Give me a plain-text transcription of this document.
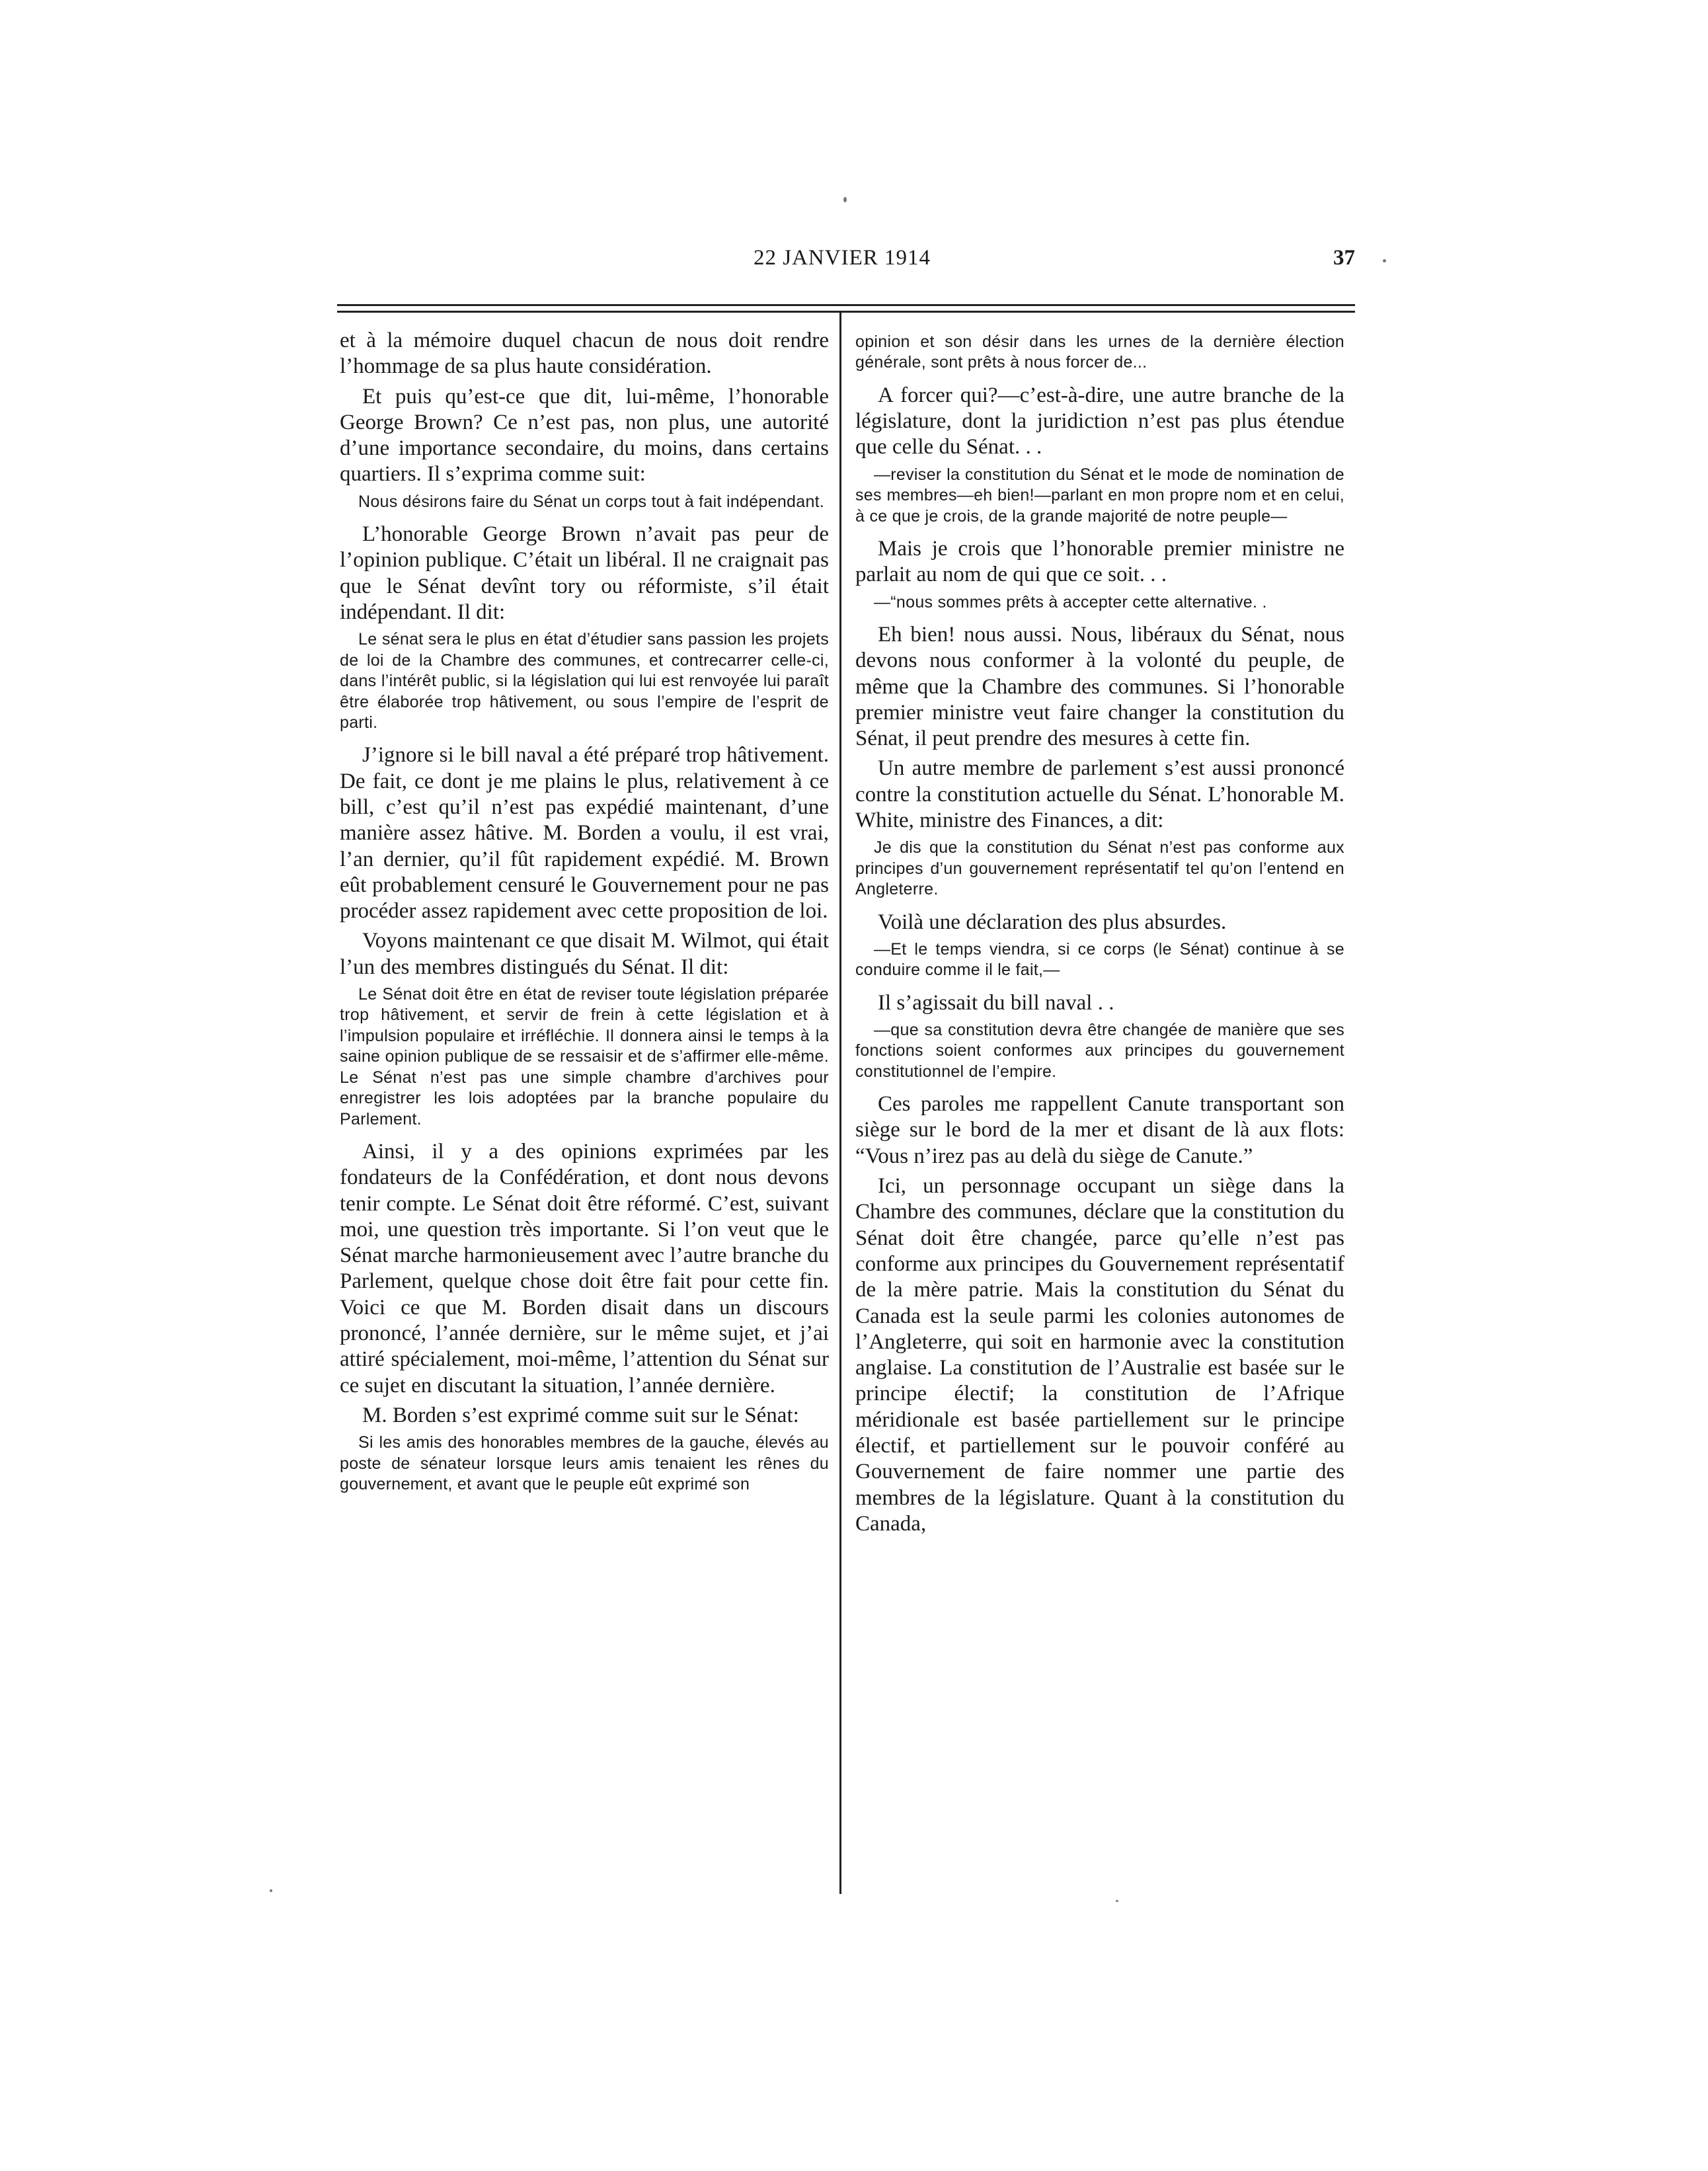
22 JANVIER 1914	37

et à la mémoire duquel chacun de nous doit rendre l’hommage de sa plus haute considération.

Et puis qu’est-ce que dit, lui-même, l’honorable George Brown? Ce n’est pas, non plus, une autorité d’une importance secondaire, du moins, dans certains quartiers. Il s’exprima comme suit:

Nous désirons faire du Sénat un corps tout à fait indépendant.

L’honorable George Brown n’avait pas peur de l’opinion publique. C’était un libéral. Il ne craignait pas que le Sénat devînt tory ou réformiste, s’il était indépendant. Il dit:

Le sénat sera le plus en état d’étudier sans passion les projets de loi de la Chambre des communes, et contrecarrer celle-ci, dans l’intérêt public, si la législation qui lui est renvoyée lui paraît être élaborée trop hâtivement, ou sous l’empire de l’esprit de parti.

J’ignore si le bill naval a été préparé trop hâtivement. De fait, ce dont je me plains le plus, relativement à ce bill, c’est qu’il n’est pas expédié maintenant, d’une manière assez hâtive. M. Borden a voulu, il est vrai, l’an dernier, qu’il fût rapidement expédié. M. Brown eût probablement censuré le Gouvernement pour ne pas procéder assez rapidement avec cette proposition de loi.

Voyons maintenant ce que disait M. Wilmot, qui était l’un des membres distingués du Sénat. Il dit:

Le Sénat doit être en état de reviser toute législation préparée trop hâtivement, et servir de frein à cette législation et à l’impulsion populaire et irréfléchie. Il donnera ainsi le temps à la saine opinion publique de se ressaisir et de s’affirmer elle-même. Le Sénat n’est pas une simple chambre d’archives pour enregistrer les lois adoptées par la branche populaire du Parlement.

Ainsi, il y a des opinions exprimées par les fondateurs de la Confédération, et dont nous devons tenir compte. Le Sénat doit être réformé. C’est, suivant moi, une question très importante. Si l’on veut que le Sénat marche harmonieusement avec l’autre branche du Parlement, quelque chose doit être fait pour cette fin. Voici ce que M. Borden disait dans un discours prononcé, l’année dernière, sur le même sujet, et j’ai attiré spécialement, moi-même, l’attention du Sénat sur ce sujet en discutant la situation, l’année dernière.

M. Borden s’est exprimé comme suit sur le Sénat:

Si les amis des honorables membres de la gauche, élevés au poste de sénateur lorsque leurs amis tenaient les rênes du gouvernement, et avant que le peuple eût exprimé son

opinion et son désir dans les urnes de la dernière élection générale, sont prêts à nous forcer de...

A forcer qui?—c’est-à-dire, une autre branche de la législature, dont la juridiction n’est pas plus étendue que celle du Sénat. . .

—reviser la constitution du Sénat et le mode de nomination de ses membres—eh bien!—parlant en mon propre nom et en celui, à ce que je crois, de la grande majorité de notre peuple—

Mais je crois que l’honorable premier ministre ne parlait au nom de qui que ce soit. . .

—“nous sommes prêts à accepter cette alternative. .

Eh bien! nous aussi. Nous, libéraux du Sénat, nous devons nous conformer à la volonté du peuple, de même que la Chambre des communes. Si l’honorable premier ministre veut faire changer la constitution du Sénat, il peut prendre des mesures à cette fin.

Un autre membre de parlement s’est aussi prononcé contre la constitution actuelle du Sénat. L’honorable M. White, ministre des Finances, a dit:

Je dis que la constitution du Sénat n’est pas conforme aux principes d’un gouvernement représentatif tel qu’on l’entend en Angleterre.

Voilà une déclaration des plus absurdes.

—Et le temps viendra, si ce corps (le Sénat) continue à se conduire comme il le fait,—

Il s’agissait du bill naval . .

—que sa constitution devra être changée de manière que ses fonctions soient conformes aux principes du gouvernement constitutionnel de l’empire.

Ces paroles me rappellent Canute transportant son siège sur le bord de la mer et disant de là aux flots: “Vous n’irez pas au delà du siège de Canute.”

Ici, un personnage occupant un siège dans la Chambre des communes, déclare que la constitution du Sénat doit être changée, parce qu’elle n’est pas conforme aux principes du Gouvernement représentatif de la mère patrie. Mais la constitution du Sénat du Canada est la seule parmi les colonies autonomes de l’Angleterre, qui soit en harmonie avec la constitution anglaise. La constitution de l’Australie est basée sur le principe électif; la constitution de l’Afrique méridionale est basée partiellement sur le principe électif, et partiellement sur le pouvoir conféré au Gouvernement de faire nommer une partie des membres de la législature. Quant à la constitution du Canada,
